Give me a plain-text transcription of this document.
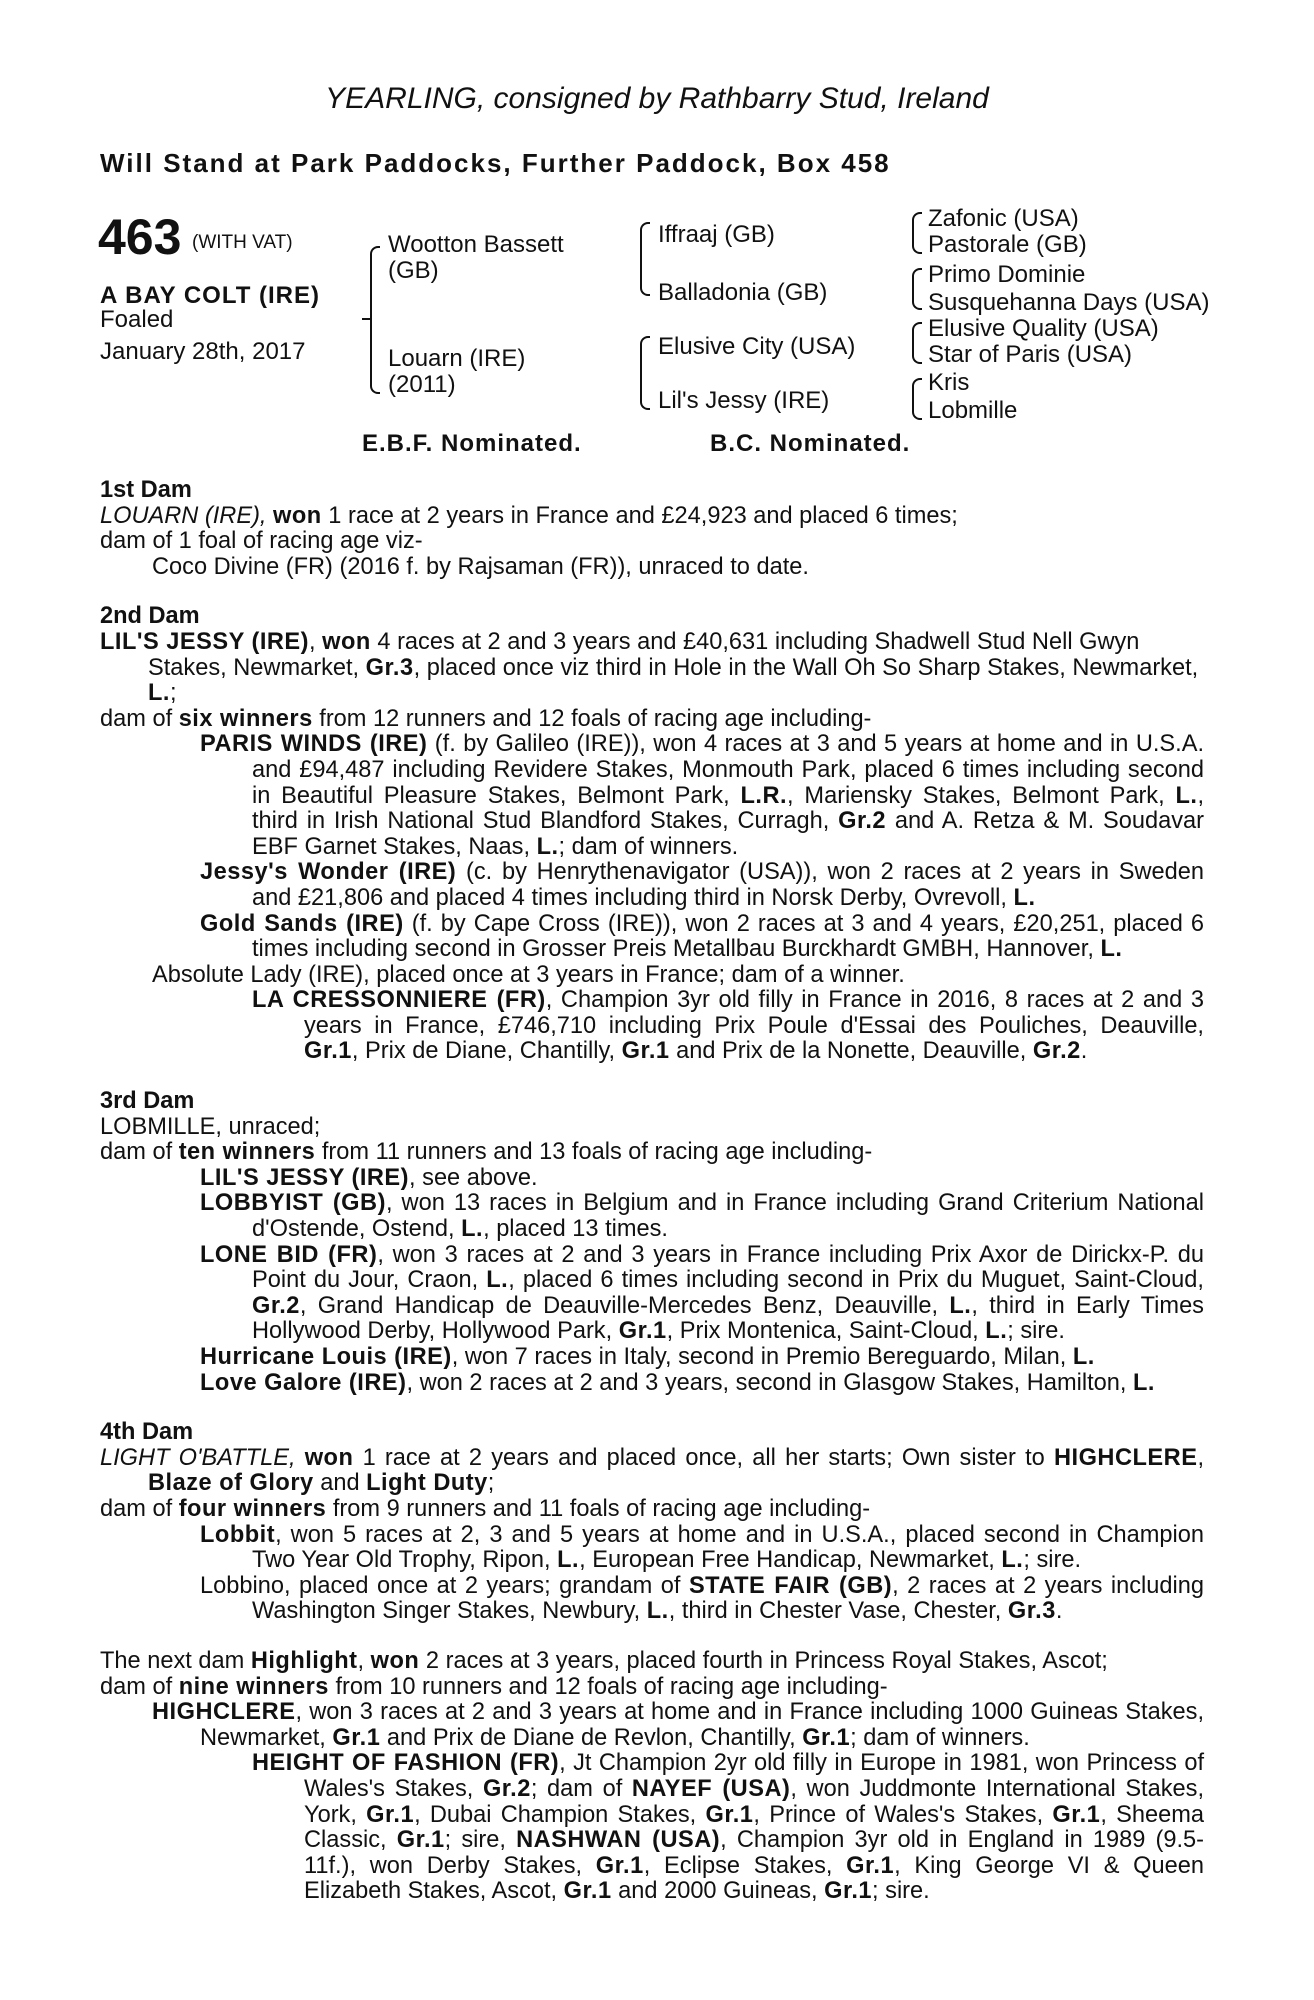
YEARLING, consigned by Rathbarry Stud, Ireland
Will Stand at Park Paddocks, Further Paddock, Box 458
463 (WITH VAT)
A BAY COLT (IRE)
Foaled
January 28th, 2017
Wootton Bassett
(GB)
Louarn (IRE)
(2011)
Iffraaj (GB)
Balladonia (GB)
Elusive City (USA)
Lil's Jessy (IRE)
Zafonic (USA)
Pastorale (GB)
Primo Dominie
Susquehanna Days (USA)
Elusive Quality (USA)
Star of Paris (USA)
Kris
Lobmille
E.B.F. Nominated.	B.C. Nominated.

1st Dam

LOUARN (IRE), won 1 race at 2 years in France and £24,923 and placed 6 times;

dam of 1 foal of racing age viz-

Coco Divine (FR) (2016 f. by Rajsaman (FR)), unraced to date.

2nd Dam

LIL'S JESSY (IRE), won 4 races at 2 and 3 years and £40,631 including Shadwell Stud Nell Gwyn Stakes, Newmarket, Gr.3, placed once viz third in Hole in the Wall Oh So Sharp Stakes, Newmarket, L.;

dam of six winners from 12 runners and 12 foals of racing age including-

PARIS WINDS (IRE) (f. by Galileo (IRE)), won 4 races at 3 and 5 years at home and in U.S.A. and £94,487 including Revidere Stakes, Monmouth Park, placed 6 times including second in Beautiful Pleasure Stakes, Belmont Park, L.R., Mariensky Stakes, Belmont Park, L., third in Irish National Stud Blandford Stakes, Curragh, Gr.2 and A. Retza & M. Soudavar EBF Garnet Stakes, Naas, L.; dam of winners.

Jessy's Wonder (IRE) (c. by Henrythenavigator (USA)), won 2 races at 2 years in Sweden and £21,806 and placed 4 times including third in Norsk Derby, Ovrevoll, L.

Gold Sands (IRE) (f. by Cape Cross (IRE)), won 2 races at 3 and 4 years, £20,251, placed 6 times including second in Grosser Preis Metallbau Burckhardt GMBH, Hannover, L.

Absolute Lady (IRE), placed once at 3 years in France; dam of a winner.

LA CRESSONNIERE (FR), Champion 3yr old filly in France in 2016, 8 races at 2 and 3 years in France, £746,710 including Prix Poule d'Essai des Pouliches, Deauville, Gr.1, Prix de Diane, Chantilly, Gr.1 and Prix de la Nonette, Deauville, Gr.2.

3rd Dam

LOBMILLE, unraced;

dam of ten winners from 11 runners and 13 foals of racing age including-

LIL'S JESSY (IRE), see above.

LOBBYIST (GB), won 13 races in Belgium and in France including Grand Criterium National d'Ostende, Ostend, L., placed 13 times.

LONE BID (FR), won 3 races at 2 and 3 years in France including Prix Axor de Dirickx-P. du Point du Jour, Craon, L., placed 6 times including second in Prix du Muguet, Saint-Cloud, Gr.2, Grand Handicap de Deauville-Mercedes Benz, Deauville, L., third in Early Times Hollywood Derby, Hollywood Park, Gr.1, Prix Montenica, Saint-Cloud, L.; sire.

Hurricane Louis (IRE), won 7 races in Italy, second in Premio Bereguardo, Milan, L.

Love Galore (IRE), won 2 races at 2 and 3 years, second in Glasgow Stakes, Hamilton, L.

4th Dam

LIGHT O'BATTLE, won 1 race at 2 years and placed once, all her starts; Own sister to HIGHCLERE, Blaze of Glory and Light Duty;

dam of four winners from 9 runners and 11 foals of racing age including-

Lobbit, won 5 races at 2, 3 and 5 years at home and in U.S.A., placed second in Champion Two Year Old Trophy, Ripon, L., European Free Handicap, Newmarket, L.; sire.

Lobbino, placed once at 2 years; grandam of STATE FAIR (GB), 2 races at 2 years including Washington Singer Stakes, Newbury, L., third in Chester Vase, Chester, Gr.3.

The next dam Highlight, won 2 races at 3 years, placed fourth in Princess Royal Stakes, Ascot;

dam of nine winners from 10 runners and 12 foals of racing age including-

HIGHCLERE, won 3 races at 2 and 3 years at home and in France including 1000 Guineas Stakes, Newmarket, Gr.1 and Prix de Diane de Revlon, Chantilly, Gr.1; dam of winners.

HEIGHT OF FASHION (FR), Jt Champion 2yr old filly in Europe in 1981, won Princess of Wales's Stakes, Gr.2; dam of NAYEF (USA), won Juddmonte International Stakes, York, Gr.1, Dubai Champion Stakes, Gr.1, Prince of Wales's Stakes, Gr.1, Sheema Classic, Gr.1; sire, NASHWAN (USA), Champion 3yr old in England in 1989 (9.5-11f.), won Derby Stakes, Gr.1, Eclipse Stakes, Gr.1, King George VI & Queen Elizabeth Stakes, Ascot, Gr.1 and 2000 Guineas, Gr.1; sire.
